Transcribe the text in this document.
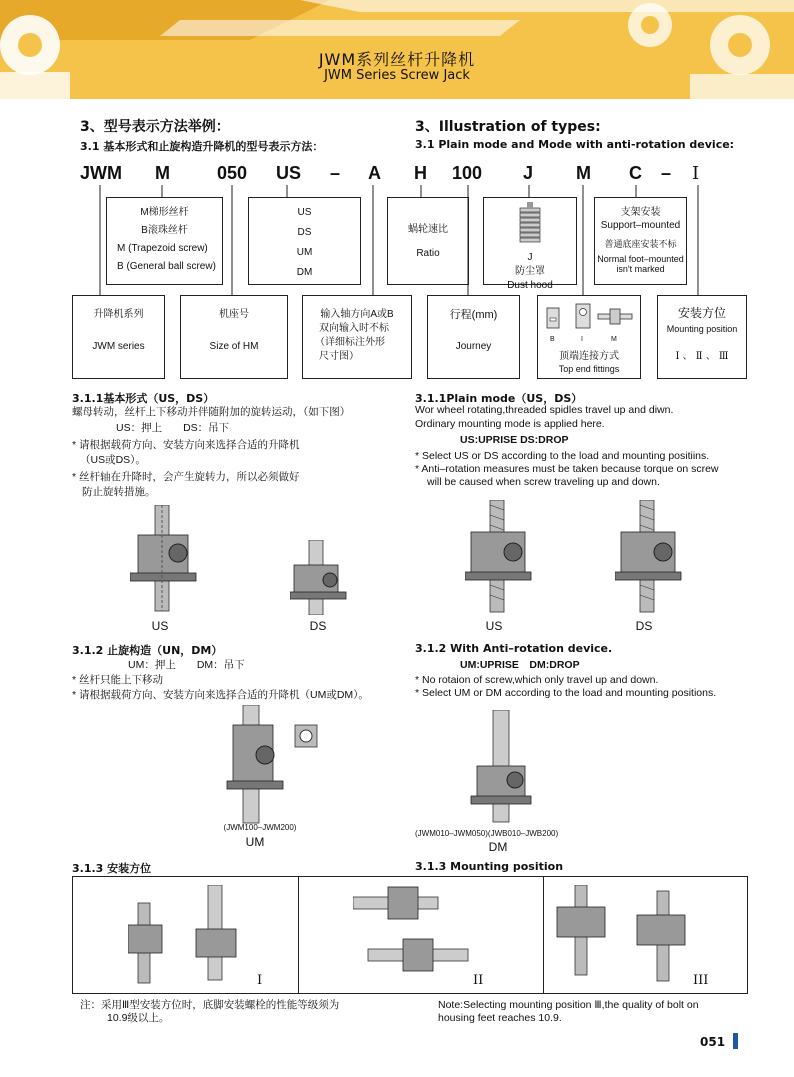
JWM系列丝杆升降机
JWM Series Screw Jack
3、型号表示方法举例：	3、Illustration of types:
3.1 基本形式和止旋构造升降机的型号表示方法：	3.1 Plain mode and Mode with anti-rotation device:
JWM M	050 US – A H 100 J M C – I
M梯形丝杆
B滚珠丝杆
M (Trapezoid screw)
B (General ball screw)
US
DS
UM
DM
蜗轮速比
Ratio	J
防尘罩
Dust hood
支架安装
Support–mounted
普通底座安装不标
Normal foot–mounted
isn't marked
升降机系列
JWM series
机座号
Size of HM
输入轴方向A或B
双向输入时不标
（详细标注外形
尺寸图）
行程(mm)
Journey
B	I	M
顶端连接方式
Top end fittings
安装方位
Mounting position
Ⅰ 、 Ⅱ 、 Ⅲ
3.1.1基本形式（US，DS）
螺母转动，丝杆上下移动并伴随附加的旋转运动，（如下图）
US：押上　　DS：吊下
* 请根据载荷方向、安装方向来选择合适的升降机
（US或DS）。
* 丝杆轴在升降时，会产生旋转力，所以必须做好
防止旋转措施。
3.1.1Plain mode（US，DS）
Wor wheel rotating,threaded spidles travel up and diwn.
Ordinary mounting mode is applied here.
US:UPRISE DS:DROP
* Select US or DS according to the load and mounting positiins.
* Anti–rotation measures must be taken because torque on screw
will be caused when screw traveling up and down.
US	DS	US	DS
3.1.2 止旋构造（UN，DM）
UM：押上　　DM：吊下
* 丝杆只能上下移动
* 请根据载荷方向、安装方向来选择合适的升降机（UM或DM）。
3.1.2 With Anti–rotation device.
UM:UPRISE　DM:DROP
* No rotaion of screw,which only travel up and down.
* Select UM or DM according to the load and mounting positions.
(JWM100–JWM200)
UM
(JWM010–JWM050)(JWB010–JWB200)
DM
3.1.3 安装方位	3.1.3 Mounting position
I	II	III
注：采用Ⅲ型安装方位时，底脚安装螺栓的性能等级须为
10.9级以上。
Note:Selecting mounting position Ⅲ,the quality of bolt on
housing feet reaches 10.9.
051
